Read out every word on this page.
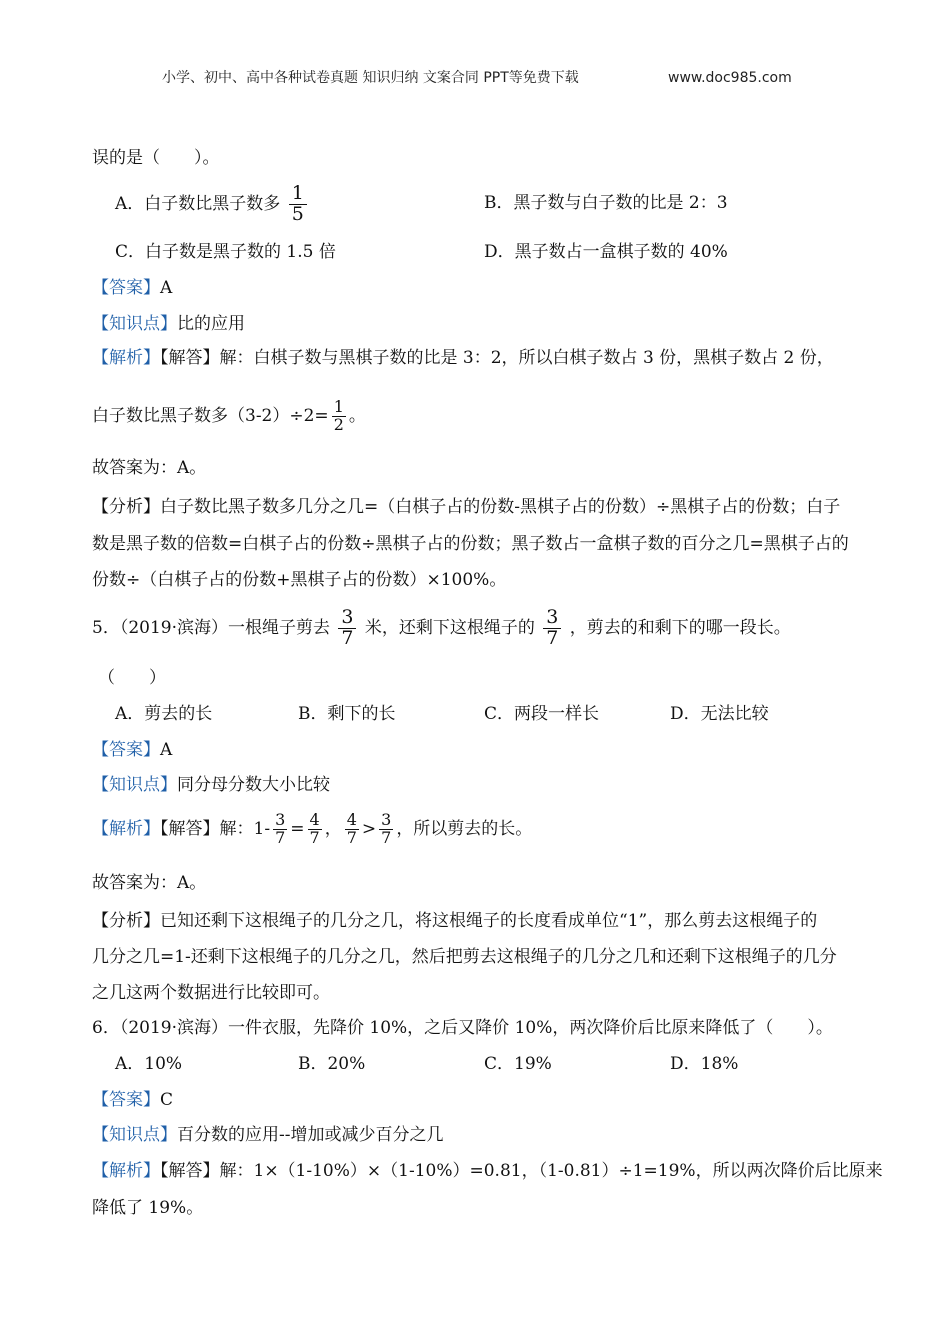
小学、初中、高中各种试卷真题 知识归纳 文案合同 PPT等免费下载	www.doc985.com
误的是（　　）。
A．白子数比黑子数多 $\frac{1}{5}$	B．黑子数与白子数的比是 2：3
C．白子数是黑子数的 1.5 倍	D．黑子数占一盒棋子数的 40%
【答案】A
【知识点】比的应用
【解析】【解答】解：白棋子数与黑棋子数的比是 3：2，所以白棋子数占 3 份，黑棋子数占 2 份，
白子数比黑子数多$(3-2)\div 2= \frac{1}{2}$ 。
故答案为：A。
【分析】白子数比黑子数多几分之几=（白棋子占的份数-黑棋子占的份数）÷黑棋子占的份数；白子
数是黑子数的倍数=白棋子占的份数÷黑棋子占的份数；黑子数占一盒棋子数的百分之几=黑棋子占的
份数÷（白棋子占的份数+黑棋子占的份数）×100%。
5．（2019·滨海）一根绳子剪去 $\frac{3}{7}$ 米，还剩下这根绳子的 $\frac{3}{7}$ ，剪去的和剩下的哪一段长。
（　　）
A．剪去的长	B．剩下的长	C．两段一样长	D．无法比较
【答案】A
【知识点】同分母分数大小比较
【解析】【解答】解：$1- \frac{3}{7} = \frac{4}{7}$ ， $\frac{4}{7} > \frac{3}{7}$ ，所以剪去的长。
故答案为：A。
【分析】已知还剩下这根绳子的几分之几，将这根绳子的长度看成单位“1”，那么剪去这根绳子的
几分之几=1-还剩下这根绳子的几分之几，然后把剪去这根绳子的几分之几和还剩下这根绳子的几分
之几这两个数据进行比较即可。
6．（2019·滨海）一件衣服，先降价 10%，之后又降价 10%，两次降价后比原来降低了（　　）。
A．10%	B．20%	C．19%	D．18%
【答案】C
【知识点】百分数的应用--增加或减少百分之几
【解析】【解答】解：1×（1-10%）×（1-10%）=0.81，（1-0.81）÷1=19%，所以两次降价后比原来
降低了 19%。
